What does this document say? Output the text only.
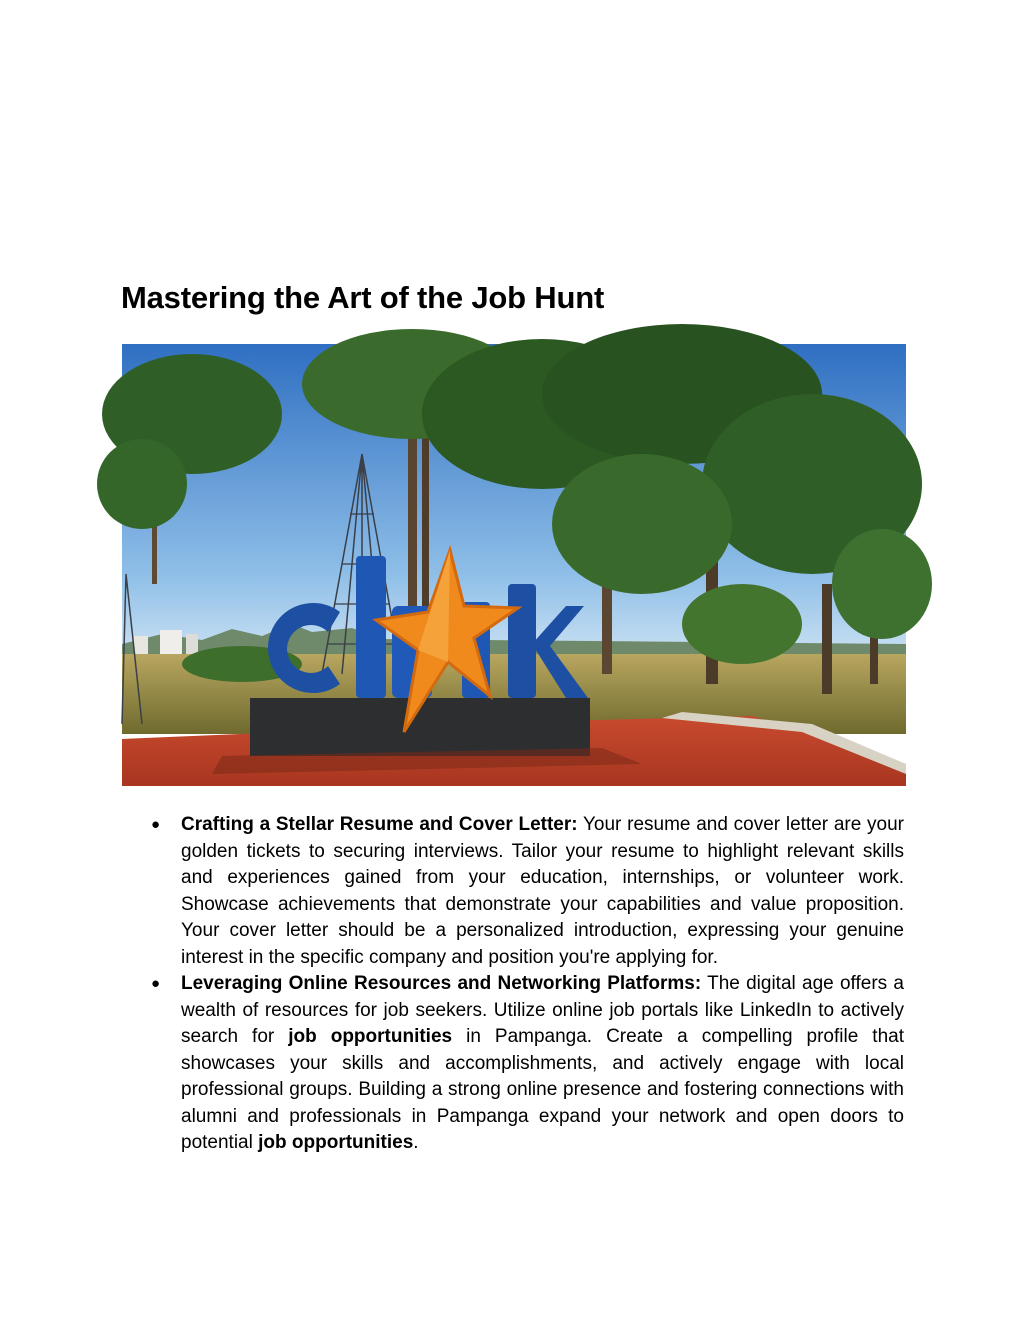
Mastering the Art of the Job Hunt
clark
● Crafting a Stellar Resume and Cover Letter: Your resume and cover letter are your golden tickets to securing interviews. Tailor your resume to highlight relevant skills and experiences gained from your education, internships, or volunteer work. Showcase achievements that demonstrate your capabilities and value proposition. Your cover letter should be a personalized introduction, expressing your genuine interest in the specific company and position you're applying for.
● Leveraging Online Resources and Networking Platforms: The digital age offers a wealth of resources for job seekers. Utilize online job portals like LinkedIn to actively search for job opportunities in Pampanga. Create a compelling profile that showcases your skills and accomplishments, and actively engage with local professional groups. Building a strong online presence and fostering connections with alumni and professionals in Pampanga expand your network and open doors to potential job opportunities.
